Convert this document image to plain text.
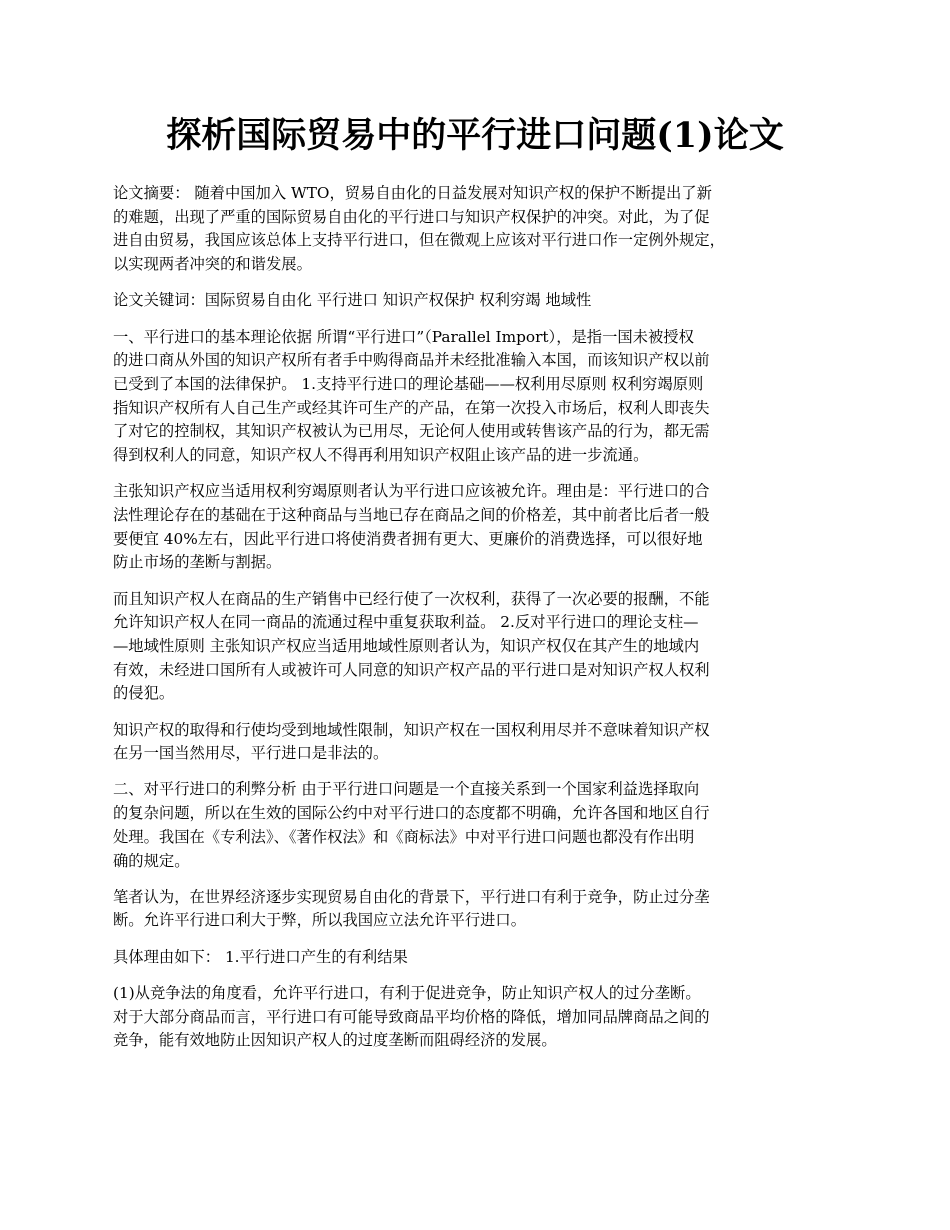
探析国际贸易中的平行进口问题(1)论文

论文摘要： 随着中国加入 WTO，贸易自由化的日益发展对知识产权的保护不断提出了新
的难题，出现了严重的国际贸易自由化的平行进口与知识产权保护的冲突。对此，为了促
进自由贸易，我国应该总体上支持平行进口，但在微观上应该对平行进口作一定例外规定，
以实现两者冲突的和谐发展。

论文关键词：国际贸易自由化 平行进口 知识产权保护 权利穷竭 地域性

一、平行进口的基本理论依据 所谓“平行进口”（Parallel Import），是指一国未被授权
的进口商从外国的知识产权所有者手中购得商品并未经批准输入本国，而该知识产权以前
已受到了本国的法律保护。 1.支持平行进口的理论基础——权利用尽原则 权利穷竭原则
指知识产权所有人自己生产或经其许可生产的产品，在第一次投入市场后，权利人即丧失
了对它的控制权，其知识产权被认为已用尽，无论何人使用或转售该产品的行为，都无需
得到权利人的同意，知识产权人不得再利用知识产权阻止该产品的进一步流通。

主张知识产权应当适用权利穷竭原则者认为平行进口应该被允许。理由是：平行进口的合
法性理论存在的基础在于这种商品与当地已存在商品之间的价格差，其中前者比后者一般
要便宜 40%左右，因此平行进口将使消费者拥有更大、更廉价的消费选择，可以很好地
防止市场的垄断与割据。

而且知识产权人在商品的生产销售中已经行使了一次权利，获得了一次必要的报酬，不能
允许知识产权人在同一商品的流通过程中重复获取利益。 2.反对平行进口的理论支柱—
—地域性原则 主张知识产权应当适用地域性原则者认为，知识产权仅在其产生的地域内
有效，未经进口国所有人或被许可人同意的知识产权产品的平行进口是对知识产权人权利
的侵犯。

知识产权的取得和行使均受到地域性限制，知识产权在一国权利用尽并不意味着知识产权
在另一国当然用尽，平行进口是非法的。

二、对平行进口的利弊分析 由于平行进口问题是一个直接关系到一个国家利益选择取向
的复杂问题，所以在生效的国际公约中对平行进口的态度都不明确，允许各国和地区自行
处理。我国在《专利法》、《著作权法》和《商标法》中对平行进口问题也都没有作出明
确的规定。

笔者认为，在世界经济逐步实现贸易自由化的背景下，平行进口有利于竞争，防止过分垄
断。允许平行进口利大于弊，所以我国应立法允许平行进口。

具体理由如下： 1.平行进口产生的有利结果

(1)从竞争法的角度看，允许平行进口，有利于促进竞争，防止知识产权人的过分垄断。
对于大部分商品而言，平行进口有可能导致商品平均价格的降低，增加同品牌商品之间的
竞争，能有效地防止因知识产权人的过度垄断而阻碍经济的发展。
